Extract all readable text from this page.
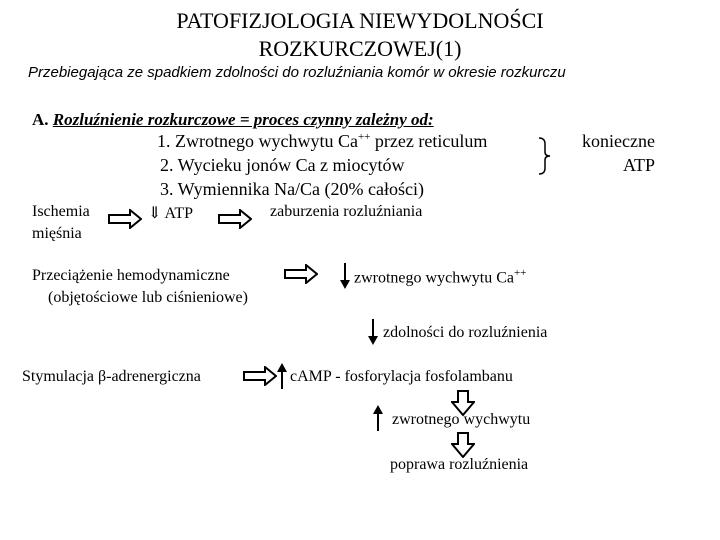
PATOFIZJOLOGIA NIEWYDOLNOŚCI
ROZKURCZOWEJ(1)
Przebiegająca ze spadkiem zdolności do rozluźniania komór w okresie rozkurczu
A. Rozluźnienie rozkurczowe = proces czynny zależny od:
1. Zwrotnego wychwytu Ca++ przez reticulum
2. Wycieku jonów Ca z miocytów
3. Wymiennika Na/Ca (20% całości)
konieczne
ATP
Ischemia
mięśnia
⇓ ATP	zaburzenia rozluźniania
Przeciążenie hemodynamiczne
(objętościowe lub ciśnieniowe)
zwrotnego wychwytu Ca++
zdolności do rozluźnienia
Stymulacja β-adrenergiczna	cAMP - fosforylacja fosfolambanu
zwrotnego wychwytu
poprawa rozluźnienia
